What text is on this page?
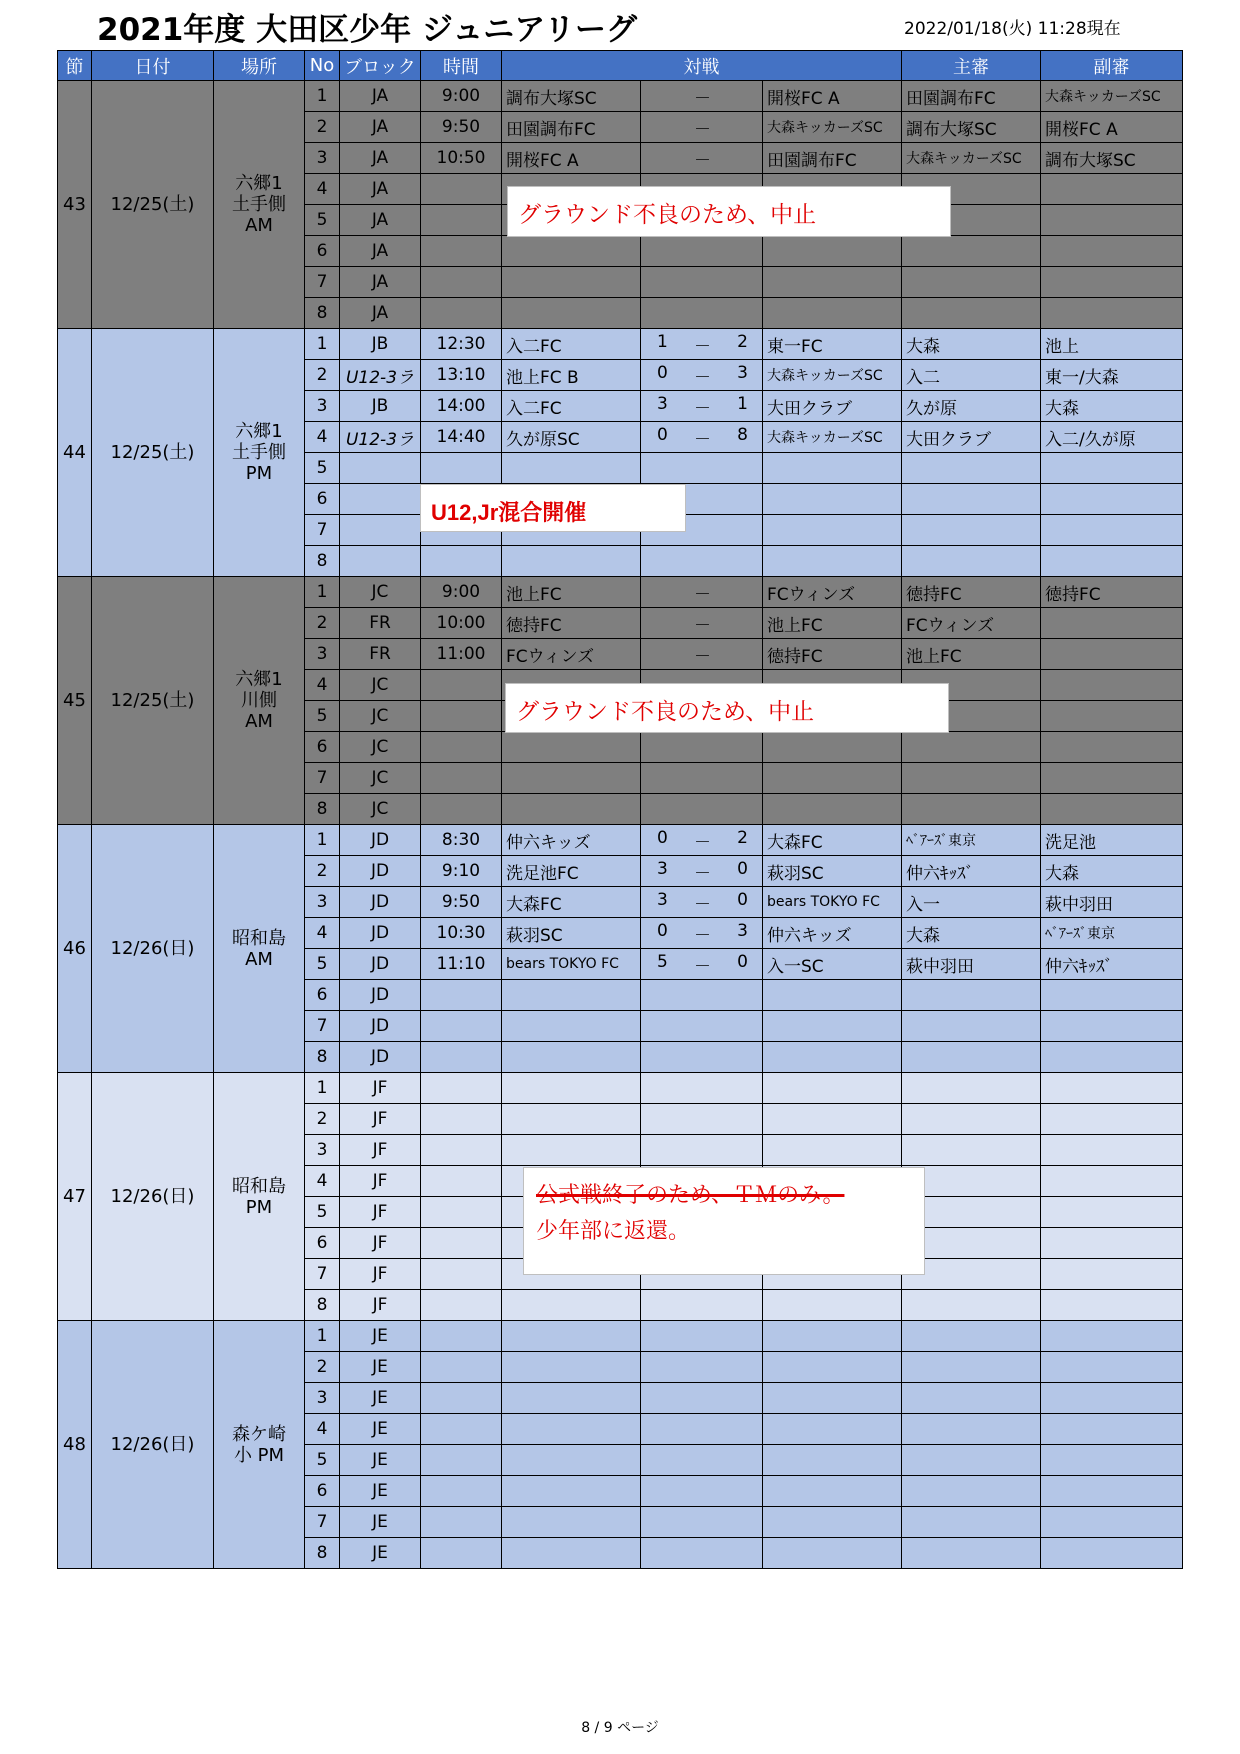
2021年度 大田区少年 ジュニアリーグ	2022/01/18(火) 11:28現在
節	日付	場所	No	ブロック	時間	対戦			主審	副審
43	12/25(土)	六郷1 土手側 AM	1	JA	9:00	調布大塚SC	－	開桜FC A	田園調布FC	大森キッカーズSC
			2	JA	9:50	田園調布FC	－	大森キッカーズSC	調布大塚SC	開桜FC A
			3	JA	10:50	開桜FC A	－	田園調布FC	大森キッカーズSC	調布大塚SC
			4	JA			

			5	JA			

			6	JA			

			7	JA			

			8	JA			

44	12/25(土)	六郷1 土手側 PM	1	JB	12:30	入二FC	1 － 2	東一FC	大森	池上
			2	U12-3ラ	13:10	池上FC B	0 － 3	大森キッカーズSC	入二	東一/大森
			3	JB	14:00	入二FC	3 － 1	大田クラブ	久が原	大森
			4	U12-3ラ	14:40	久が原SC	0 － 8	大森キッカーズSC	大田クラブ	入二/久が原
			5				

			6				

			7				

			8				

45	12/25(土)	六郷1 川側 AM	1	JC	9:00	池上FC	－	FCウィンズ	徳持FC	徳持FC
			2	FR	10:00	徳持FC	－	池上FC	FCウィンズ	
			3	FR	11:00	FCウィンズ	－	徳持FC	池上FC	
			4	JC			

			5	JC			

			6	JC			

			7	JC			

			8	JC			

46	12/26(日)	昭和島 AM	1	JD	8:30	仲六キッズ	0 － 2	大森FC	ﾍﾞｱｰｽﾞ東京	洗足池
			2	JD	9:10	洗足池FC	3 － 0	萩羽SC	仲六ｷｯｽﾞ	大森
			3	JD	9:50	大森FC	3 － 0	bears TOKYO FC	入一	萩中羽田
			4	JD	10:30	萩羽SC	0 － 3	仲六キッズ	大森	ﾍﾞｱｰｽﾞ東京
			5	JD	11:10	bears TOKYO FC	5 － 0	入一SC	萩中羽田	仲六ｷｯｽﾞ
			6	JD			

			7	JD			

			8	JD			

47	12/26(日)	昭和島 PM	1	JF			

			2	JF			

			3	JF			

			4	JF			

			5	JF			

			6	JF			

			7	JF			

			8	JF			

48	12/26(日)	森ケ崎小 PM	1	JE			

			2	JE			

			3	JE			

			4	JE			

			5	JE			

			6	JE			

			7	JE			

			8	JE			

グラウンド不良のため、中止
U12,Jr混合開催
グラウンド不良のため、中止
公式戦終了のため、ＴＭのみ。
少年部に返還。
8 / 9 ページ
